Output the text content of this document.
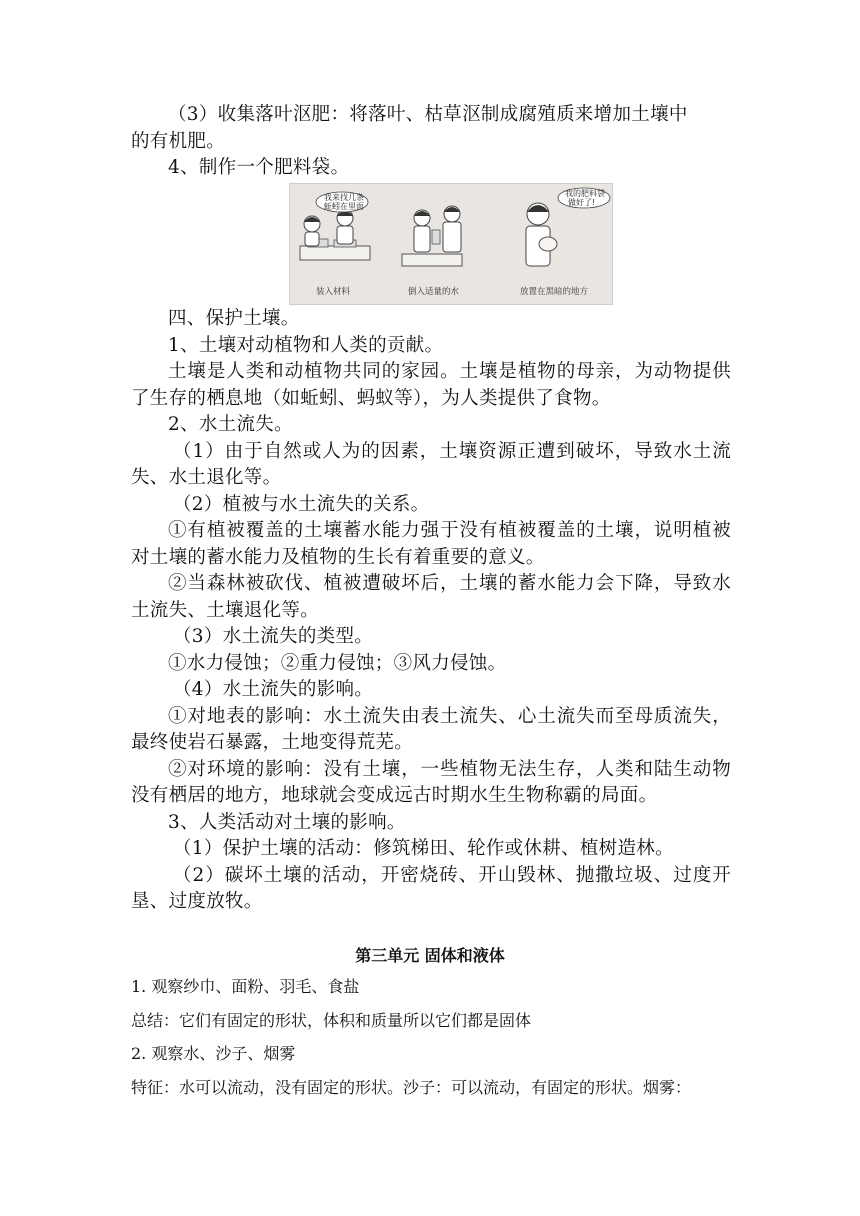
（3）收集落叶沤肥：将落叶、枯草沤制成腐殖质来增加土壤中

的有机肥。

4、制作一个肥料袋。

我来找几条
蚯蚓在里面
装入材料	倒入适量的水
我的肥料袋
做好了!
放置在黑暗的地方

四、保护土壤。

1、土壤对动植物和人类的贡献。

土壤是人类和动植物共同的家园。土壤是植物的母亲，为动物提供了生存的栖息地（如蚯蚓、蚂蚁等），为人类提供了食物。

2、水土流失。

（1）由于自然或人为的因素，土壤资源正遭到破坏，导致水土流失、水土退化等。

（2）植被与水土流失的关系。

①有植被覆盖的土壤蓄水能力强于没有植被覆盖的土壤，说明植被对土壤的蓄水能力及植物的生长有着重要的意义。

②当森林被砍伐、植被遭破坏后，土壤的蓄水能力会下降，导致水土流失、土壤退化等。

（3）水土流失的类型。

①水力侵蚀；②重力侵蚀；③风力侵蚀。

（4）水土流失的影响。

①对地表的影响：水土流失由表土流失、心土流失而至母质流失，最终使岩石暴露，土地变得荒芜。

②对环境的影响：没有土壤，一些植物无法生存，人类和陆生动物没有栖居的地方，地球就会变成远古时期水生生物称霸的局面。

3、人类活动对土壤的影响。

（1）保护土壤的活动：修筑梯田、轮作或休耕、植树造林。

（2）碳坏土壤的活动，开密烧砖、开山毁林、抛撒垃圾、过度开垦、过度放牧。

第三单元 固体和液体
1. 观察纱巾、面粉、羽毛、食盐
总结：它们有固定的形状，体积和质量所以它们都是固体
2. 观察水、沙子、烟雾
特征：水可以流动，没有固定的形状。沙子：可以流动，有固定的形状。烟雾：
